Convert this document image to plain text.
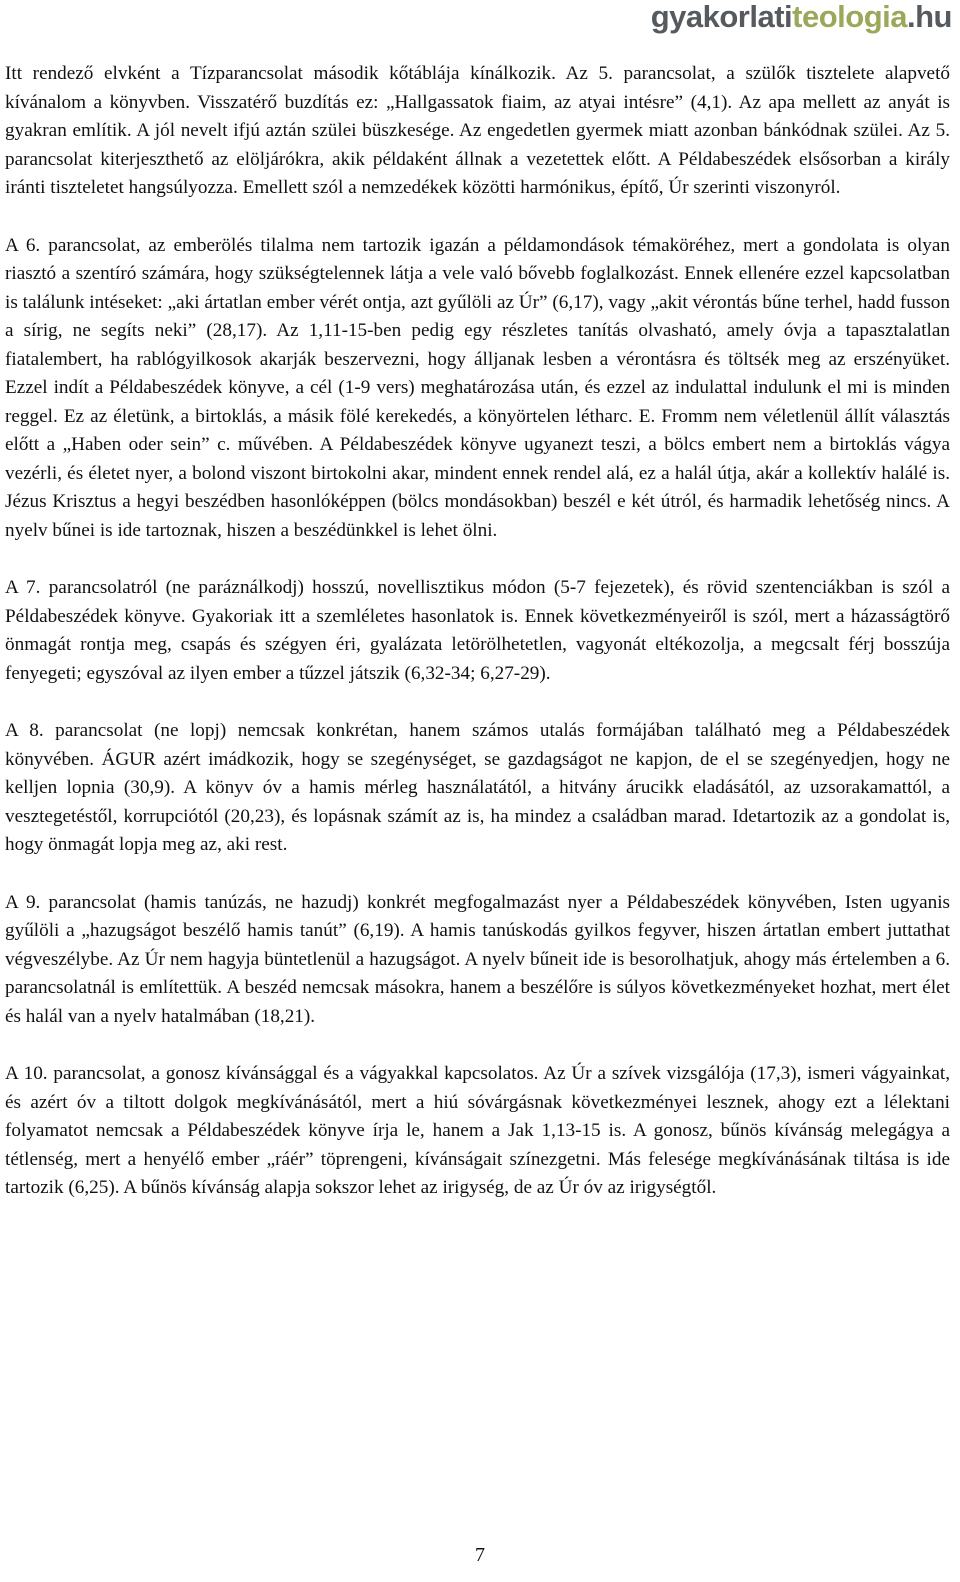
gyakorlatiteologia.hu

Itt rendező elvként a Tízparancsolat második kőtáblája kínálkozik. Az 5. parancsolat, a szülők tisztelete alapvető kívánalom a könyvben. Visszatérő buzdítás ez: „Hallgassatok fiaim, az atyai intésre” (4,1). Az apa mellett az anyát is gyakran említik. A jól nevelt ifjú aztán szülei büszkesége. Az engedetlen gyermek miatt azonban bánkódnak szülei. Az 5. parancsolat kiterjeszthető az elöljárókra, akik példaként állnak a vezetettek előtt. A Példabeszédek elsősorban a király iránti tiszteletet hangsúlyozza. Emellett szól a nemzedékek közötti harmónikus, építő, Úr szerinti viszonyról.

A 6. parancsolat, az emberölés tilalma nem tartozik igazán a példamondások témaköréhez, mert a gondolata is olyan riasztó a szentíró számára, hogy szükségtelennek látja a vele való bővebb foglalkozást. Ennek ellenére ezzel kapcsolatban is találunk intéseket: „aki ártatlan ember vérét ontja, azt gyűlöli az Úr” (6,17), vagy „akit vérontás bűne terhel, hadd fusson a sírig, ne segíts neki” (28,17). Az 1,11-15-ben pedig egy részletes tanítás olvasható, amely óvja a tapasztalatlan fiatalembert, ha rablógyilkosok akarják beszervezni, hogy álljanak lesben a vérontásra és töltsék meg az erszényüket. Ezzel indít a Példabeszédek könyve, a cél (1-9 vers) meghatározása után, és ezzel az indulattal indulunk el mi is minden reggel. Ez az életünk, a birtoklás, a másik fölé kerekedés, a könyörtelen létharc. E. Fromm nem véletlenül állít választás előtt a „Haben oder sein” c. művében. A Példabeszédek könyve ugyanezt teszi, a bölcs embert nem a birtoklás vágya vezérli, és életet nyer, a bolond viszont birtokolni akar, mindent ennek rendel alá, ez a halál útja, akár a kollektív halálé is. Jézus Krisztus a hegyi beszédben hasonlóképpen (bölcs mondásokban) beszél e két útról, és harmadik lehetőség nincs. A nyelv bűnei is ide tartoznak, hiszen a beszédünkkel is lehet ölni.

A 7. parancsolatról (ne paráználkodj) hosszú, novellisztikus módon (5-7 fejezetek), és rövid szentenciákban is szól a Példabeszédek könyve. Gyakoriak itt a szemléletes hasonlatok is. Ennek következményeiről is szól, mert a házasságtörő önmagát rontja meg, csapás és szégyen éri, gyalázata letörölhetetlen, vagyonát eltékozolja, a megcsalt férj bosszúja fenyegeti; egyszóval az ilyen ember a tűzzel játszik (6,32-34; 6,27-29).

A 8. parancsolat (ne lopj) nemcsak konkrétan, hanem számos utalás formájában található meg a Példabeszédek könyvében. ÁGUR azért imádkozik, hogy se szegénységet, se gazdagságot ne kapjon, de el se szegényedjen, hogy ne kelljen lopnia (30,9). A könyv óv a hamis mérleg használatától, a hitvány árucikk eladásától, az uzsorakamattól, a vesztegetéstől, korrupciótól (20,23), és lopásnak számít az is, ha mindez a családban marad. Idetartozik az a gondolat is, hogy önmagát lopja meg az, aki rest.

A 9. parancsolat (hamis tanúzás, ne hazudj) konkrét megfogalmazást nyer a Példabeszédek könyvében, Isten ugyanis gyűlöli a „hazugságot beszélő hamis tanút” (6,19). A hamis tanúskodás gyilkos fegyver, hiszen ártatlan embert juttathat végveszélybe. Az Úr nem hagyja büntetlenül a hazugságot. A nyelv bűneit ide is besorolhatjuk, ahogy más értelemben a 6. parancsolatnál is említettük. A beszéd nemcsak másokra, hanem a beszélőre is súlyos következményeket hozhat, mert élet és halál van a nyelv hatalmában (18,21).

A 10. parancsolat, a gonosz kívánsággal és a vágyakkal kapcsolatos. Az Úr a szívek vizsgálója (17,3), ismeri vágyainkat, és azért óv a tiltott dolgok megkívánásától, mert a hiú sóvárgásnak következményei lesznek, ahogy ezt a lélektani folyamatot nemcsak a Példabeszédek könyve írja le, hanem a Jak 1,13-15 is. A gonosz, bűnös kívánság melegágya a tétlenség, mert a henyélő ember „ráér” töprengeni, kívánságait színezgetni. Más felesége megkívánásának tiltása is ide tartozik (6,25). A bűnös kívánság alapja sokszor lehet az irigység, de az Úr óv az irigységtől.

7
